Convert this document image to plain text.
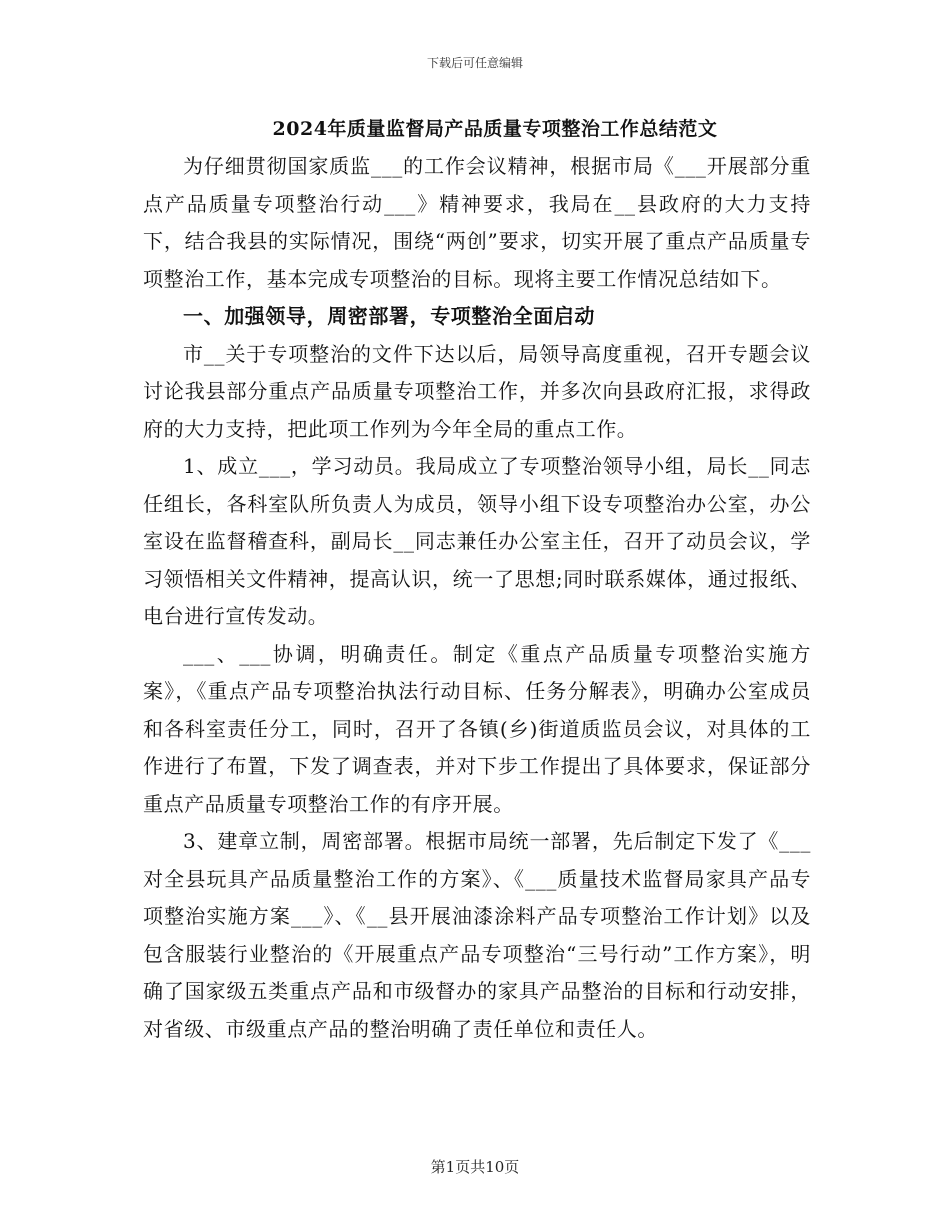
下载后可任意编辑
2024年质量监督局产品质量专项整治工作总结范文

为仔细贯彻国家质监___的工作会议精神，根据市局《___开展部分重点产品质量专项整治行动___》精神要求，我局在__县政府的大力支持下，结合我县的实际情况，围绕“两创”要求，切实开展了重点产品质量专项整治工作，基本完成专项整治的目标。现将主要工作情况总结如下。

一、加强领导，周密部署，专项整治全面启动

市__关于专项整治的文件下达以后，局领导高度重视，召开专题会议讨论我县部分重点产品质量专项整治工作，并多次向县政府汇报，求得政府的大力支持，把此项工作列为今年全局的重点工作。

1、成立___，学习动员。我局成立了专项整治领导小组，局长__同志任组长，各科室队所负责人为成员，领导小组下设专项整治办公室，办公室设在监督稽查科，副局长__同志兼任办公室主任，召开了动员会议，学习领悟相关文件精神，提高认识，统一了思想;同时联系媒体，通过报纸、电台进行宣传发动。

___、___协调，明确责任。制定《重点产品质量专项整治实施方案》，《重点产品专项整治执法行动目标、任务分解表》，明确办公室成员和各科室责任分工，同时，召开了各镇(乡)街道质监员会议，对具体的工作进行了布置，下发了调查表，并对下步工作提出了具体要求，保证部分重点产品质量专项整治工作的有序开展。

3、建章立制，周密部署。根据市局统一部署，先后制定下发了《___对全县玩具产品质量整治工作的方案》、《___质量技术监督局家具产品专项整治实施方案___》、《__县开展油漆涂料产品专项整治工作计划》以及包含服装行业整治的《开展重点产品专项整治“三号行动”工作方案》，明确了国家级五类重点产品和市级督办的家具产品整治的目标和行动安排，对省级、市级重点产品的整治明确了责任单位和责任人。

第1页共10页
